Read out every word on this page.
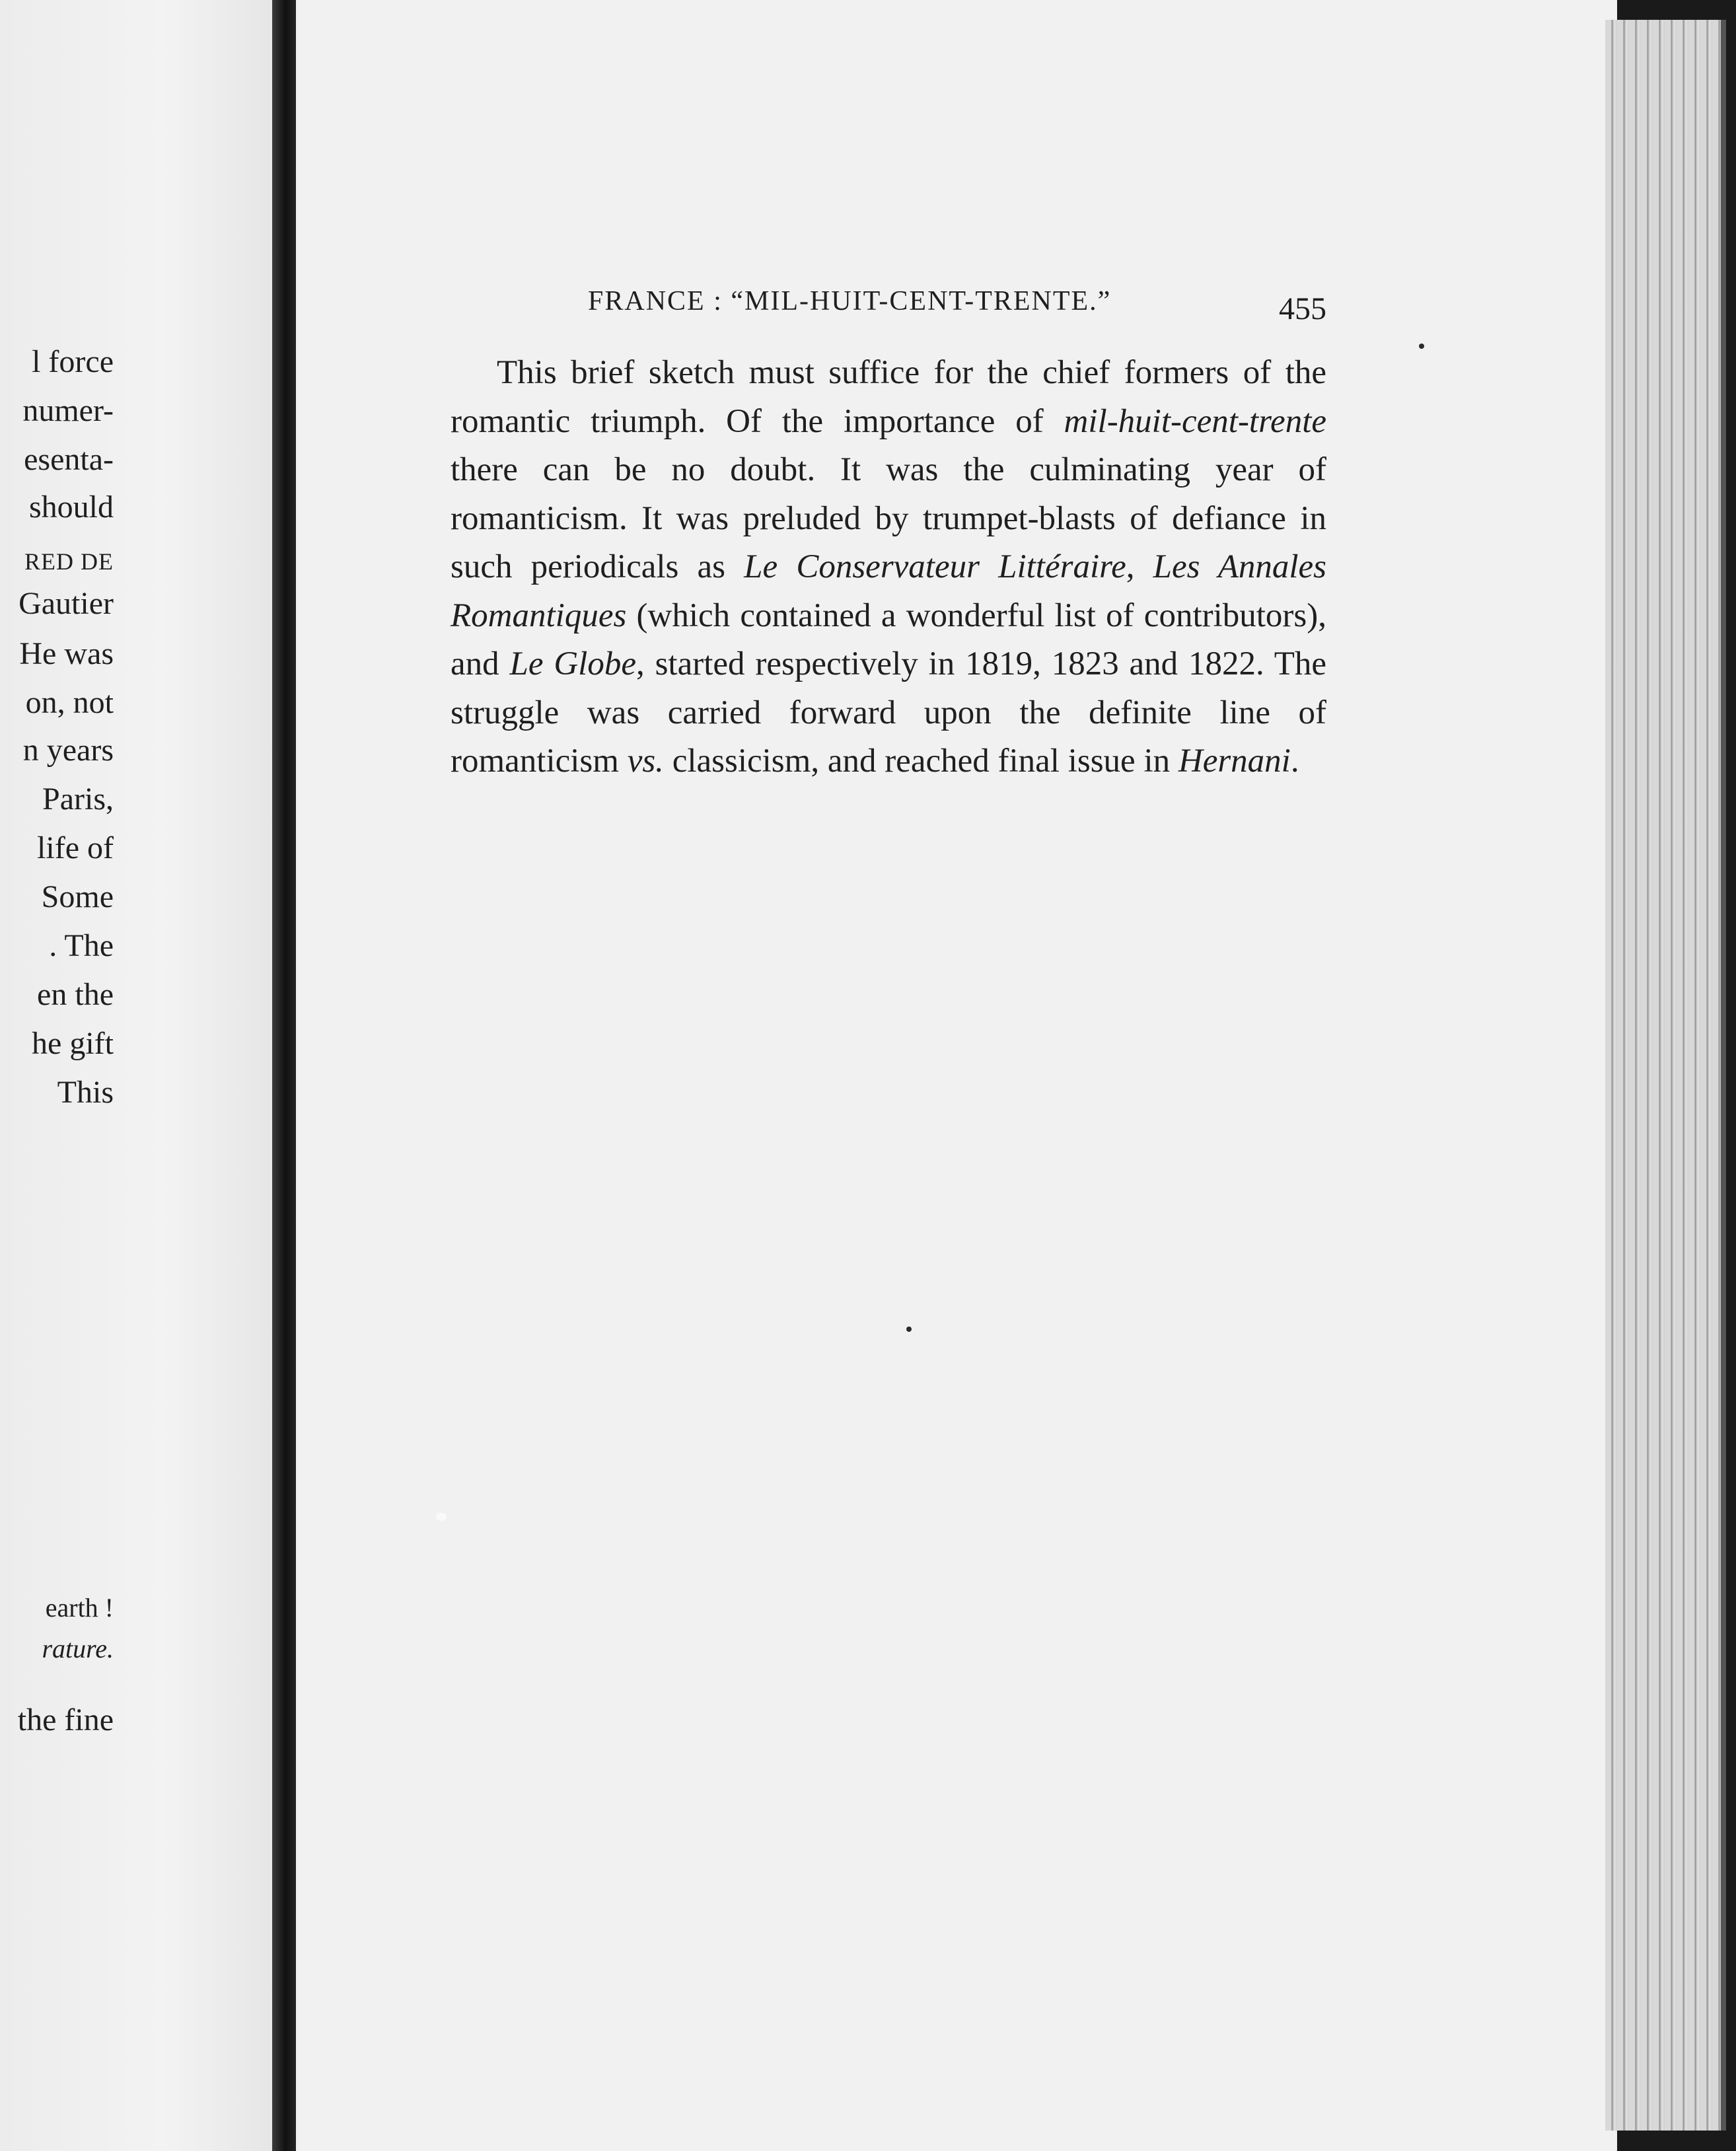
l force
numer-
esenta-
should
RED DE
Gautier
He was
on, not
n years
Paris,
life of
Some
. The
en the
he gift
This
earth !
rature.
the fine
FRANCE : “MIL-HUIT-CENT-TRENTE.”	455

This brief sketch must suffice for the chief formers of the romantic triumph. Of the importance of mil-huit-cent-trente there can be no doubt. It was the culminating year of romanticism. It was preluded by trumpet-blasts of defiance in such periodicals as Le Conservateur Littéraire, Les Annales Romantiques (which contained a wonderful list of contributors), and Le Globe, started respectively in 1819, 1823 and 1822. The struggle was carried forward upon the definite line of romanticism vs. classicism, and reached final issue in Hernani.
